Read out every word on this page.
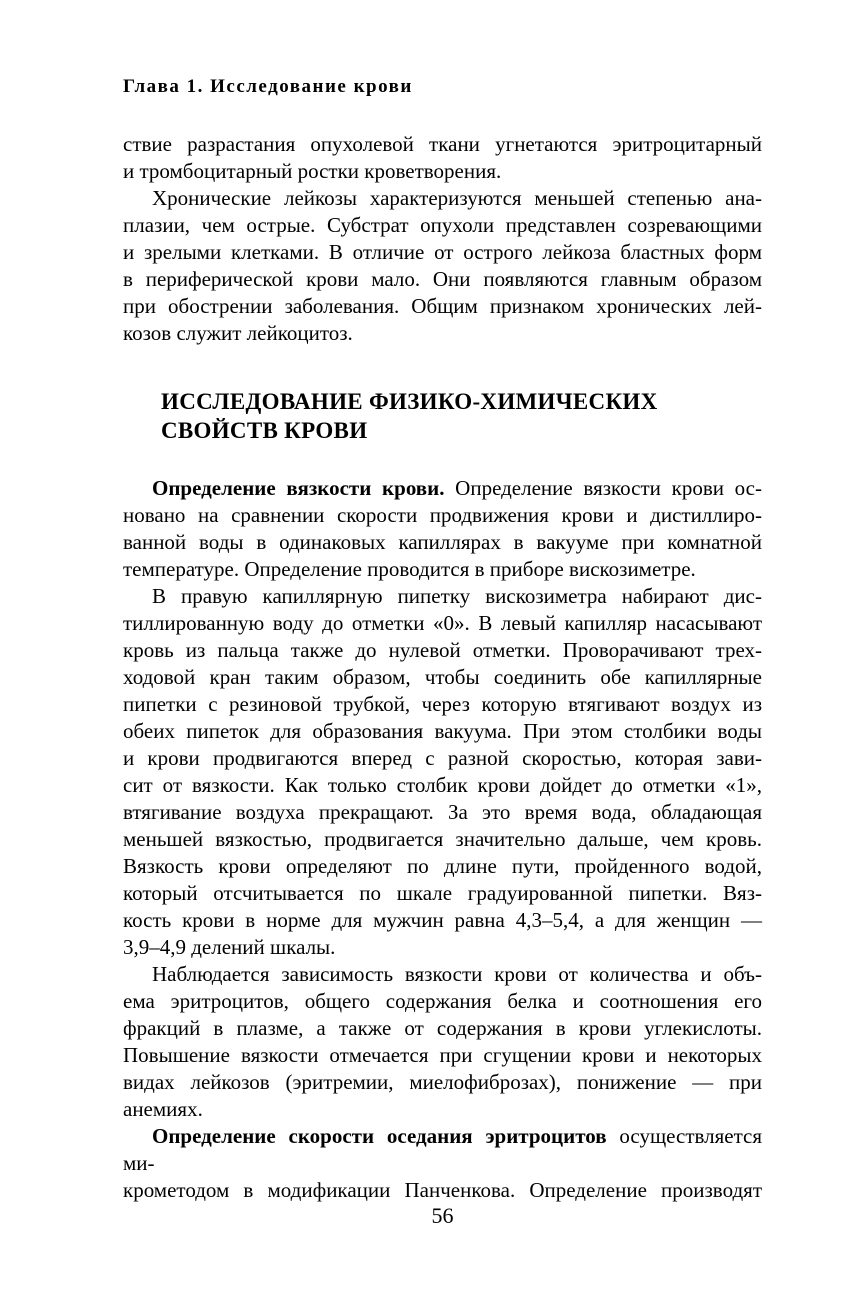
Глава 1. Исследование крови
ствие разрастания опухолевой ткани угнетаются эритроцитарный
и тромбоцитарный ростки кроветворения.
Хронические лейкозы характеризуются меньшей степенью ана-
плазии, чем острые. Субстрат опухоли представлен созревающими
и зрелыми клетками. В отличие от острого лейкоза бластных форм
в периферической крови мало. Они появляются главным образом
при обострении заболевания. Общим признаком хронических лей-
козов служит лейкоцитоз.
ИССЛЕДОВАНИЕ ФИЗИКО-ХИМИЧЕСКИХ
СВОЙСТВ КРОВИ
Определение вязкости крови. Определение вязкости крови ос-
новано на сравнении скорости продвижения крови и дистиллиро-
ванной воды в одинаковых капиллярах в вакууме при комнатной
температуре. Определение проводится в приборе вискозиметре.
В правую капиллярную пипетку вискозиметра набирают дис-
тиллированную воду до отметки «0». В левый капилляр насасывают
кровь из пальца также до нулевой отметки. Проворачивают трех-
ходовой кран таким образом, чтобы соединить обе капиллярные
пипетки с резиновой трубкой, через которую втягивают воздух из
обеих пипеток для образования вакуума. При этом столбики воды
и крови продвигаются вперед с разной скоростью, которая зави-
сит от вязкости. Как только столбик крови дойдет до отметки «1»,
втягивание воздуха прекращают. За это время вода, обладающая
меньшей вязкостью, продвигается значительно дальше, чем кровь.
Вязкость крови определяют по длине пути, пройденного водой,
который отсчитывается по шкале градуированной пипетки. Вяз-
кость крови в норме для мужчин равна 4,3–5,4, а для женщин —
3,9–4,9 делений шкалы.
Наблюдается зависимость вязкости крови от количества и объ-
ема эритроцитов, общего содержания белка и соотношения его
фракций в плазме, а также от содержания в крови углекислоты.
Повышение вязкости отмечается при сгущении крови и некоторых
видах лейкозов (эритремии, миелофиброзах), понижение — при
анемиях.
Определение скорости оседания эритроцитов осуществляется ми-
крометодом в модификации Панченкова. Определение производят
56
